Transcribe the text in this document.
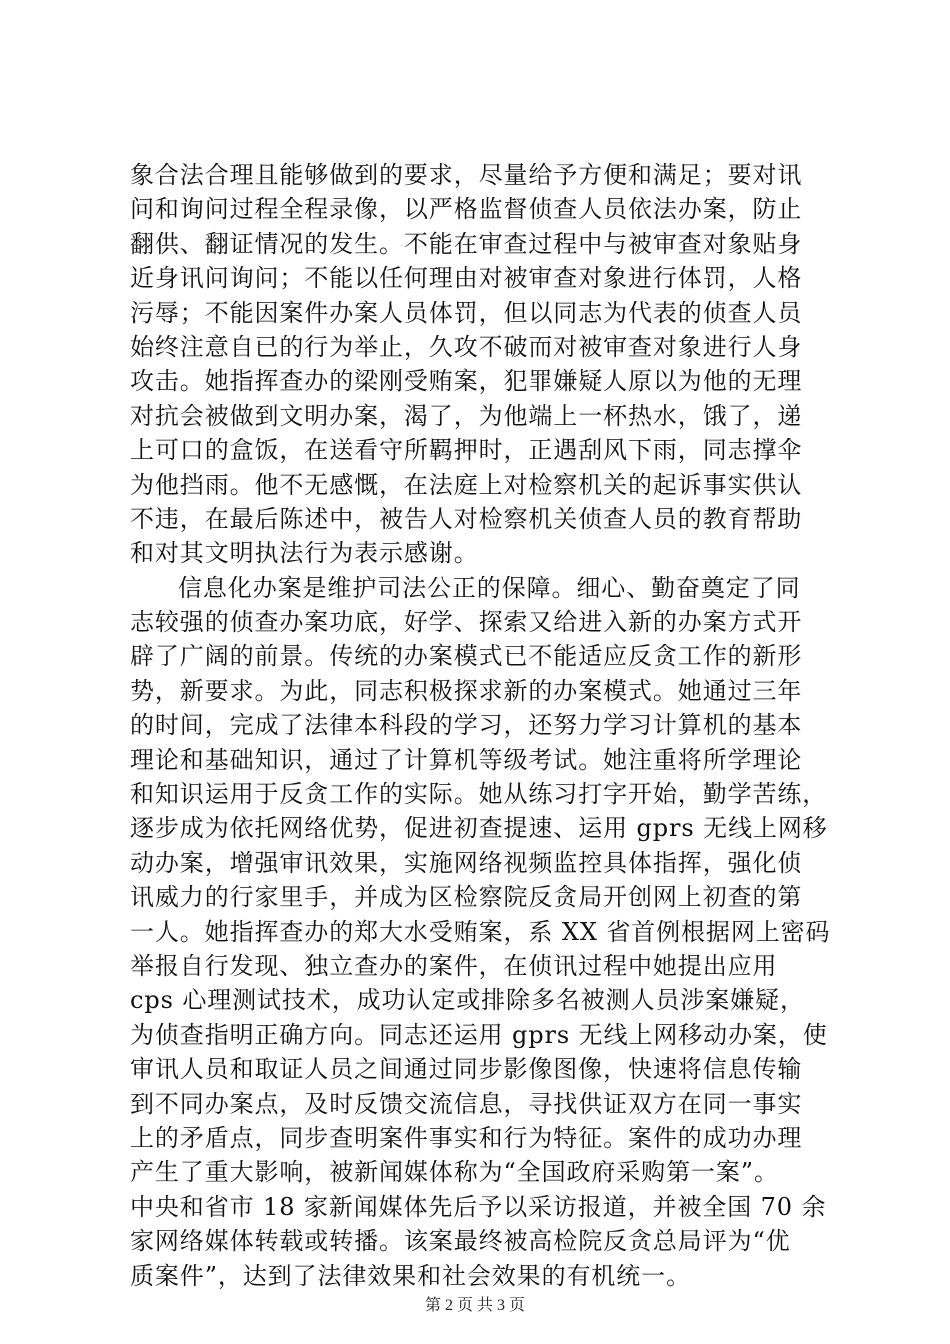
象合法合理且能够做到的要求，尽量给予方便和满足；要对讯
问和询问过程全程录像，以严格监督侦查人员依法办案，防止
翻供、翻证情况的发生。不能在审查过程中与被审查对象贴身
近身讯问询问；不能以任何理由对被审查对象进行体罚，人格
污辱；不能因案件办案人员体罚，但以同志为代表的侦查人员
始终注意自已的行为举止，久攻不破而对被审查对象进行人身
攻击。她指挥查办的梁刚受贿案，犯罪嫌疑人原以为他的无理
对抗会被做到文明办案，渴了，为他端上一杯热水，饿了，递
上可口的盒饭，在送看守所羁押时，正遇刮风下雨，同志撑伞
为他挡雨。他不无感慨，在法庭上对检察机关的起诉事实供认
不违，在最后陈述中，被告人对检察机关侦查人员的教育帮助
和对其文明执法行为表示感谢。
信息化办案是维护司法公正的保障。细心、勤奋奠定了同
志较强的侦查办案功底，好学、探索又给进入新的办案方式开
辟了广阔的前景。传统的办案模式已不能适应反贪工作的新形
势，新要求。为此，同志积极探求新的办案模式。她通过三年
的时间，完成了法律本科段的学习，还努力学习计算机的基本
理论和基础知识，通过了计算机等级考试。她注重将所学理论
和知识运用于反贪工作的实际。她从练习打字开始，勤学苦练，
逐步成为依托网络优势，促进初查提速、运用 gprs 无线上网移
动办案，增强审讯效果，实施网络视频监控具体指挥，强化侦
讯威力的行家里手，并成为区检察院反贪局开创网上初查的第
一人。她指挥查办的郑大水受贿案，系 XX 省首例根据网上密码
举报自行发现、独立查办的案件，在侦讯过程中她提出应用
cps 心理测试技术，成功认定或排除多名被测人员涉案嫌疑，
为侦查指明正确方向。同志还运用 gprs 无线上网移动办案，使
审讯人员和取证人员之间通过同步影像图像，快速将信息传输
到不同办案点，及时反馈交流信息，寻找供证双方在同一事实
上的矛盾点，同步查明案件事实和行为特征。案件的成功办理
产生了重大影响，被新闻媒体称为“全国政府采购第一案”。
中央和省市 18 家新闻媒体先后予以采访报道，并被全国 70 余
家网络媒体转载或转播。该案最终被高检院反贪总局评为“优
质案件”，达到了法律效果和社会效果的有机统一。
第 2 页 共 3 页
